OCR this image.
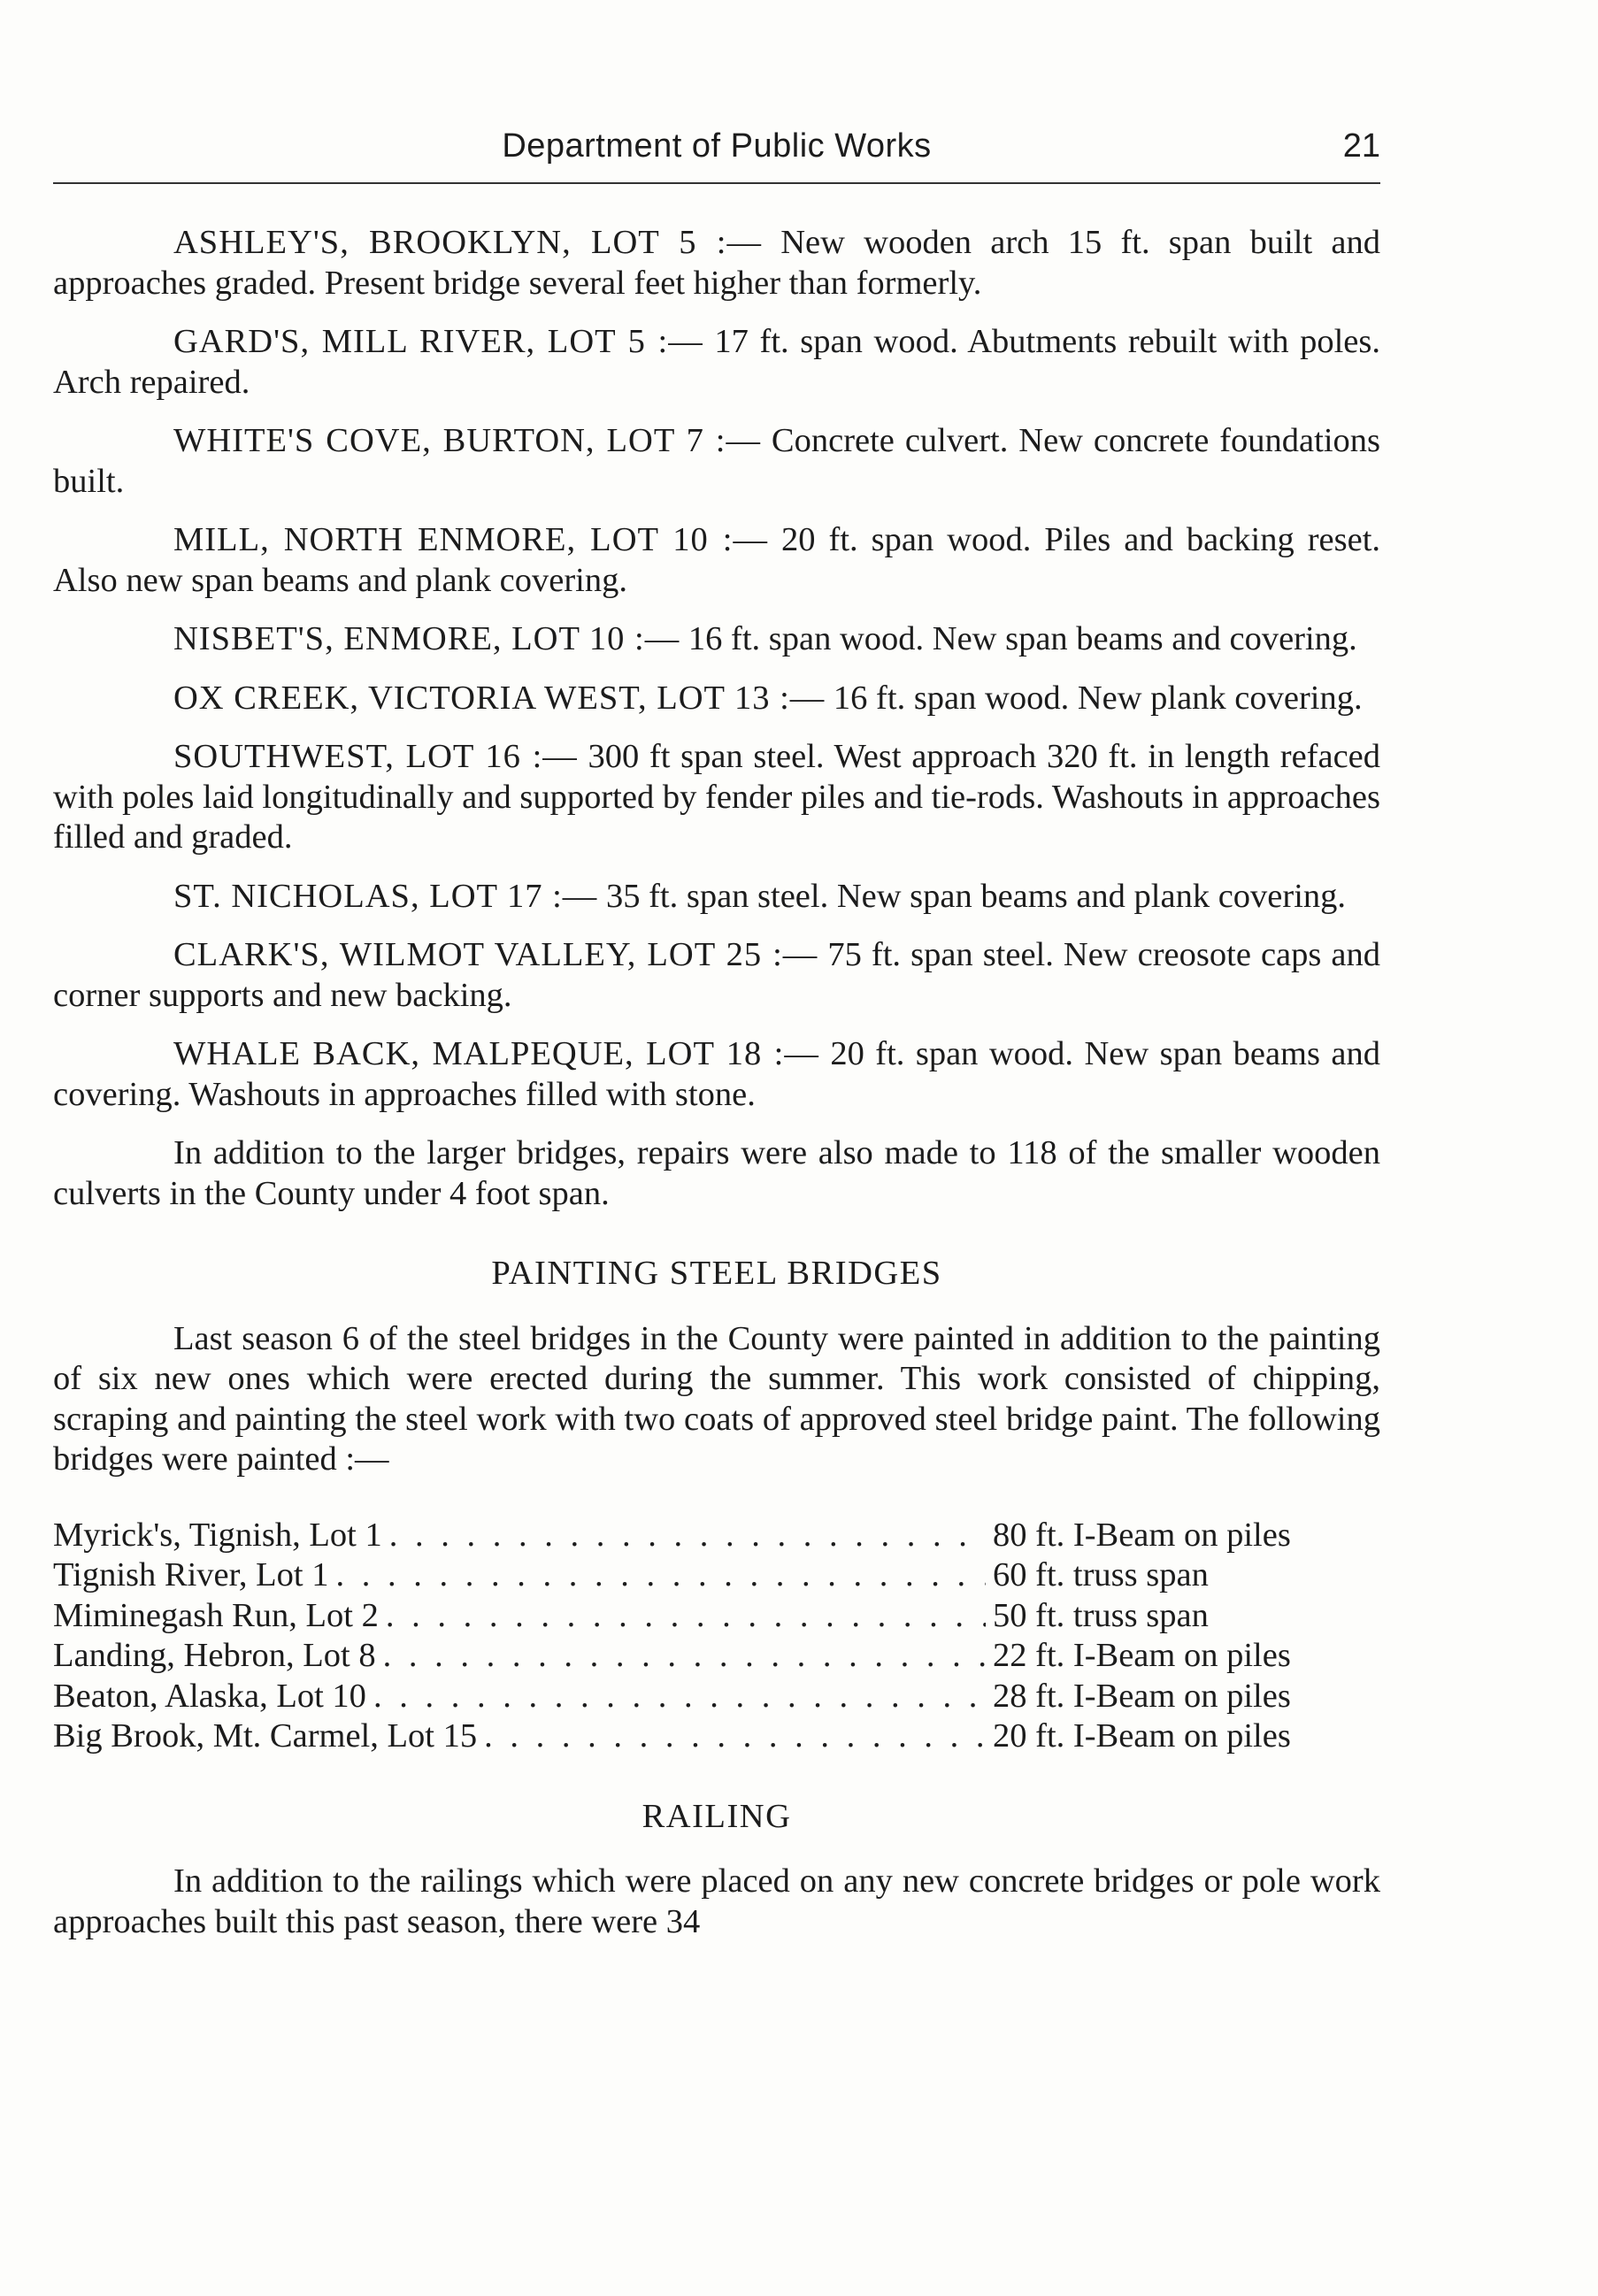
Department of Public Works	21

ASHLEY'S, BROOKLYN, LOT 5 :— New wooden arch 15 ft. span built and approaches graded. Present bridge several feet higher than formerly.

GARD'S, MILL RIVER, LOT 5 :— 17 ft. span wood. Abutments rebuilt with poles. Arch repaired.

WHITE'S COVE, BURTON, LOT 7 :— Concrete culvert. New concrete foundations built.

MILL, NORTH ENMORE, LOT 10 :— 20 ft. span wood. Piles and backing reset. Also new span beams and plank covering.

NISBET'S, ENMORE, LOT 10 :— 16 ft. span wood. New span beams and covering.

OX CREEK, VICTORIA WEST, LOT 13 :— 16 ft. span wood. New plank covering.

SOUTHWEST, LOT 16 :— 300 ft span steel. West approach 320 ft. in length refaced with poles laid longitudinally and supported by fender piles and tie-rods. Washouts in approaches filled and graded.

ST. NICHOLAS, LOT 17 :— 35 ft. span steel. New span beams and plank covering.

CLARK'S, WILMOT VALLEY, LOT 25 :— 75 ft. span steel. New creosote caps and corner supports and new backing.

WHALE BACK, MALPEQUE, LOT 18 :— 20 ft. span wood. New span beams and covering. Washouts in approaches filled with stone.

In addition to the larger bridges, repairs were also made to 118 of the smaller wooden culverts in the County under 4 foot span.

PAINTING STEEL BRIDGES

Last season 6 of the steel bridges in the County were painted in addition to the painting of six new ones which were erected during the summer. This work consisted of chipping, scraping and painting the steel work with two coats of approved steel bridge paint. The following bridges were painted :—

Myrick's, Tignish, Lot 1 . . .	80 ft. I-Beam on piles
Tignish River, Lot 1 . . .	60 ft. truss span
Miminegash Run, Lot 2 . . .	50 ft. truss span
Landing, Hebron, Lot 8 . . .	22 ft. I-Beam on piles
Beaton, Alaska, Lot 10 . . .	28 ft. I-Beam on piles
Big Brook, Mt. Carmel, Lot 15 . . .	20 ft. I-Beam on piles
RAILING

In addition to the railings which were placed on any new concrete bridges or pole work approaches built this past season, there were 34
